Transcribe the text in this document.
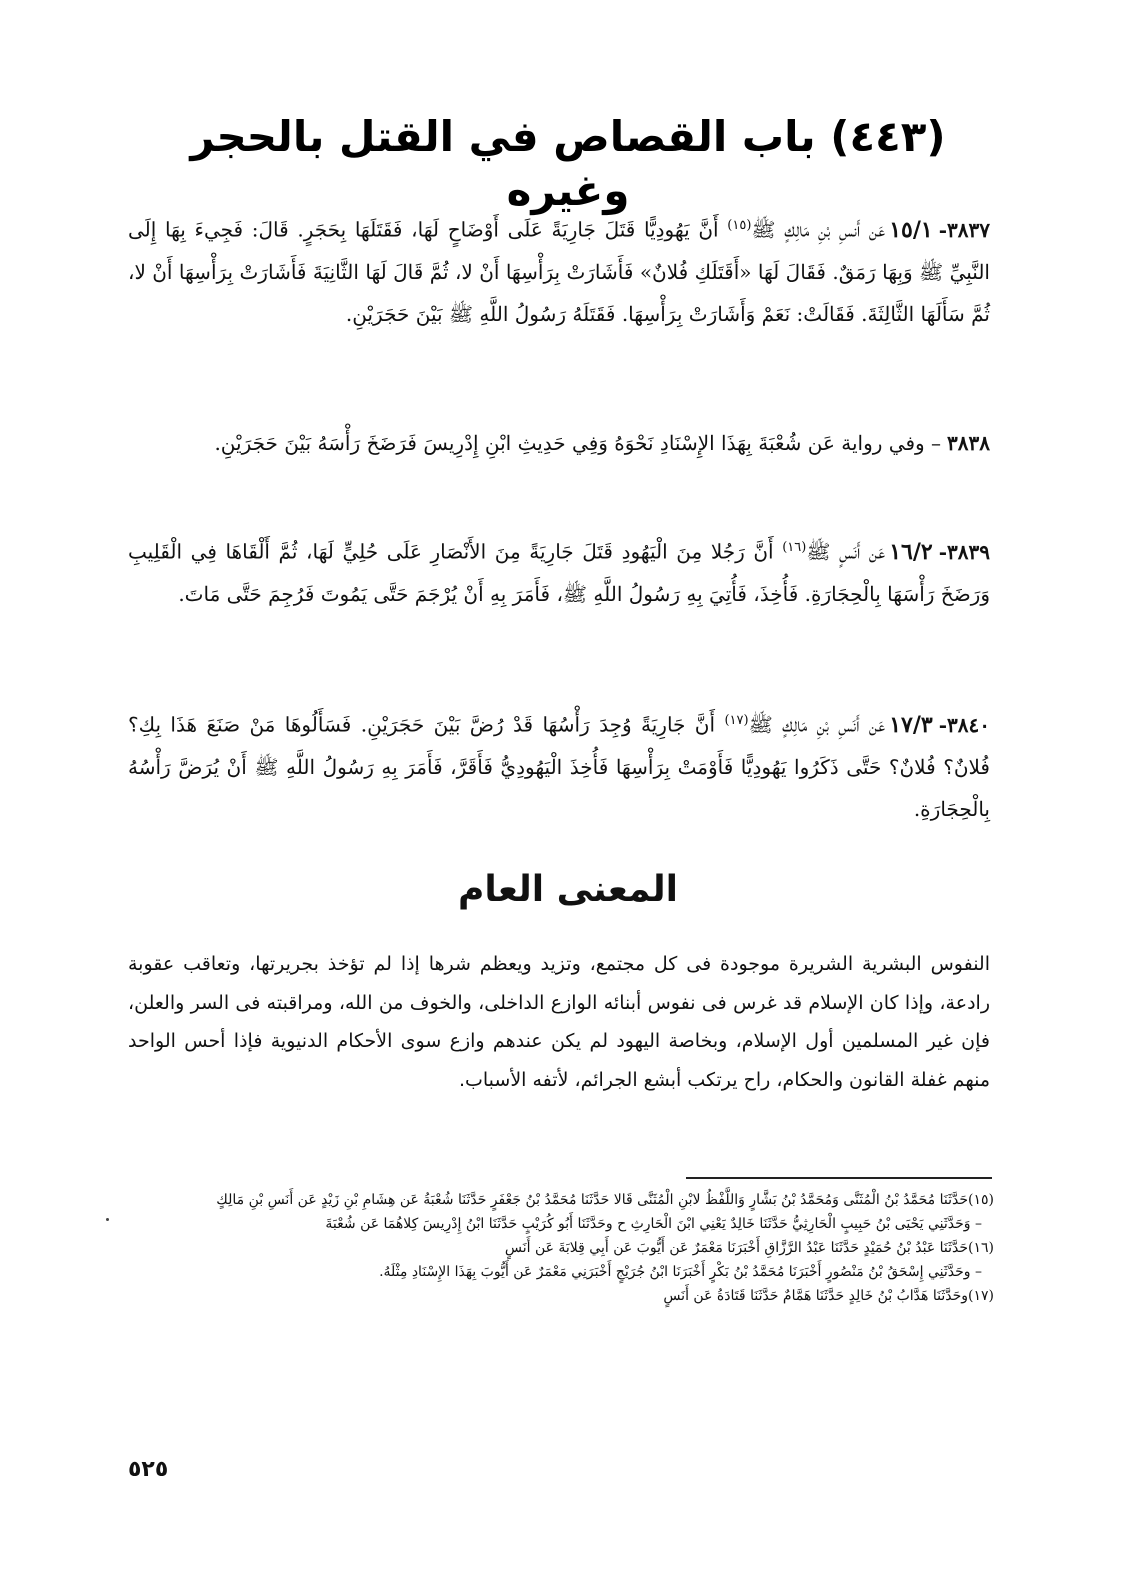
(٤٤٣) باب القصاص في القتل بالحجر وغيره
٣٨٣٧-١٥/١عَن أَنسِ بْنِ مَالِكٍ ﷺ$^{(١٥)}$ أَنَّ يَهُودِيًّا قَتَلَ جَارِيَةً عَلَى أَوْضَاحٍ لَهَا، فَقَتَلَهَا بِحَجَرٍ. قَالَ: فَجِيءَ بِهَا إِلَى النَّبِيِّ ﷺ وَبِهَا رَمَقٌ. فَقَالَ لَهَا «أَقَتَلَكِ فُلانٌ» فَأَشَارَتْ بِرَأْسِهَا أَنْ لا، ثُمَّ قَالَ لَهَا الثَّانِيَةَ فَأَشَارَتْ بِرَأْسِهَا أَنْ لا، ثُمَّ سَأَلَهَا الثَّالِثَةَ. فَقَالَتْ: نَعَمْ وَأَشَارَتْ بِرَأْسِهَا. فَقَتَلَهُ رَسُولُ اللَّهِ ﷺ بَيْنَ حَجَرَيْنِ.
٣٨٣٨– وفي رواية عَن شُعْبَةَ بِهَذَا الإِسْنَادِ نَحْوَهُ وَفِي حَدِيثِ ابْنِ إِدْرِيسَ فَرَضَخَ رَأْسَهُ بَيْنَ حَجَرَيْنِ.
٣٨٣٩-١٦/٢عَن أَنَسٍ ﷺ$^{(١٦)}$ أَنَّ رَجُلا مِنَ الْيَهُودِ قَتَلَ جَارِيَةً مِنَ الأَنْصَارِ عَلَى حُلِيٍّ لَهَا، ثُمَّ أَلْقَاهَا فِي الْقَلِيبِ وَرَضَخَ رَأْسَهَا بِالْحِجَارَةِ. فَأُخِذَ، فَأُتِيَ بِهِ رَسُولُ اللَّهِ ﷺ، فَأَمَرَ بِهِ أَنْ يُرْجَمَ حَتَّى يَمُوتَ فَرُجِمَ حَتَّى مَاتَ.
٣٨٤٠-١٧/٣عَن أَنَسِ بْنِ مَالِكٍ ﷺ$^{(١٧)}$ أَنَّ جَارِيَةً وُجِدَ رَأْسُهَا قَدْ رُضَّ بَيْنَ حَجَرَيْنِ. فَسَأَلُوهَا مَنْ صَنَعَ هَذَا بِكِ؟ فُلانٌ؟ فُلانٌ؟ حَتَّى ذَكَرُوا يَهُودِيًّا فَأَوْمَتْ بِرَأْسِهَا فَأُخِذَ الْيَهُودِيُّ فَأَقَرَّ، فَأَمَرَ بِهِ رَسُولُ اللَّهِ ﷺ أَنْ يُرَضَّ رَأْسُهُ بِالْحِجَارَةِ.
المعنى العام
النفوس البشرية الشريرة موجودة فى كل مجتمع، وتزيد ويعظم شرها إذا لم تؤخذ بجريرتها، وتعاقب عقوبة رادعة، وإذا كان الإسلام قد غرس فى نفوس أبنائه الوازع الداخلى، والخوف من الله، ومراقبته فى السر والعلن، فإن غير المسلمين أول الإسلام، وبخاصة اليهود لم يكن عندهم وازع سوى الأحكام الدنيوية فإذا أحس الواحد منهم غفلة القانون والحكام، راح يرتكب أبشع الجرائم، لأتفه الأسباب.
(١٥)حَدَّثَنَا مُحَمَّدُ بْنُ الْمُثَنَّى وَمُحَمَّدُ بْنُ بَشَّارٍ وَاللَّفْظُ لابْنِ الْمُثَنَّى قَالا حَدَّثَنَا مُحَمَّدُ بْنُ جَعْفَرٍ حَدَّثَنَا شُعْبَةُ عَن هِشَامِ بْنِ زَيْدٍ عَن أَنَسِ بْنِ مَالِكٍ
– وَحَدَّثَنِي يَحْيَى بْنُ حَبِيبٍ الْحَارِثِيُّ حَدَّثَنَا خَالِدٌ يَعْنِي ابْنَ الْحَارِثِ ح وحَدَّثَنَا أَبُو كُرَيْبٍ حَدَّثَنَا ابْنُ إِدْرِيسَ كِلاهُمَا عَن شُعْبَةَ
(١٦)حَدَّثَنَا عَبْدُ بْنُ حُمَيْدٍ حَدَّثَنَا عَبْدُ الرَّزَّاقِ أَخْبَرَنَا مَعْمَرٌ عَن أَيُّوبَ عَن أَبِي قِلابَةَ عَن أَنَسٍ
– وحَدَّثَنِي إِسْحَقُ بْنُ مَنْصُورٍ أَخْبَرَنَا مُحَمَّدُ بْنُ بَكْرٍ أَخْبَرَنَا ابْنُ جُرَيْجٍ أَخْبَرَنِي مَعْمَرٌ عَن أَيُّوبَ بِهَذَا الإِسْنَادِ مِثْلَهُ.
(١٧)وحَدَّثَنَا هَدَّابُ بْنُ خَالِدٍ حَدَّثَنَا هَمَّامٌ حَدَّثَنَا قَتَادَةُ عَن أَنَسٍ
٥٢٥
